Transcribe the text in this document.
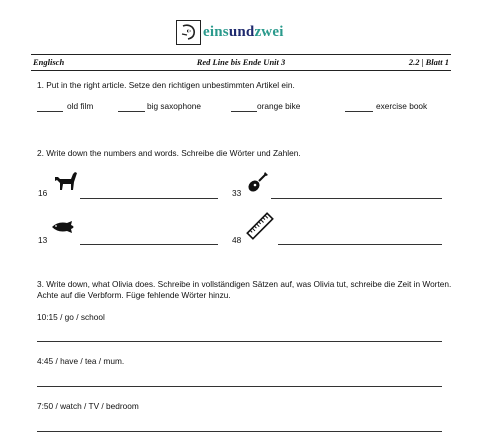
einsundzwei
Englisch	Red Line bis Ende Unit 3	2.2 | Blatt 1
1. Put in the right article. Setze den richtigen unbestimmten Artikel ein.
old film	big saxophone	orange bike	exercise book
2. Write down the numbers and words. Schreibe die Wörter und Zahlen.
16	33
13	48
3. Write down, what Olivia does. Schreibe in vollständigen Sätzen auf, was Olivia tut, schreibe die Zeit in Worten. Achte auf die Verbform. Füge fehlende Wörter hinzu.
10:15 / go / school
4:45 / have / tea / mum.
7:50 / watch / TV / bedroom
